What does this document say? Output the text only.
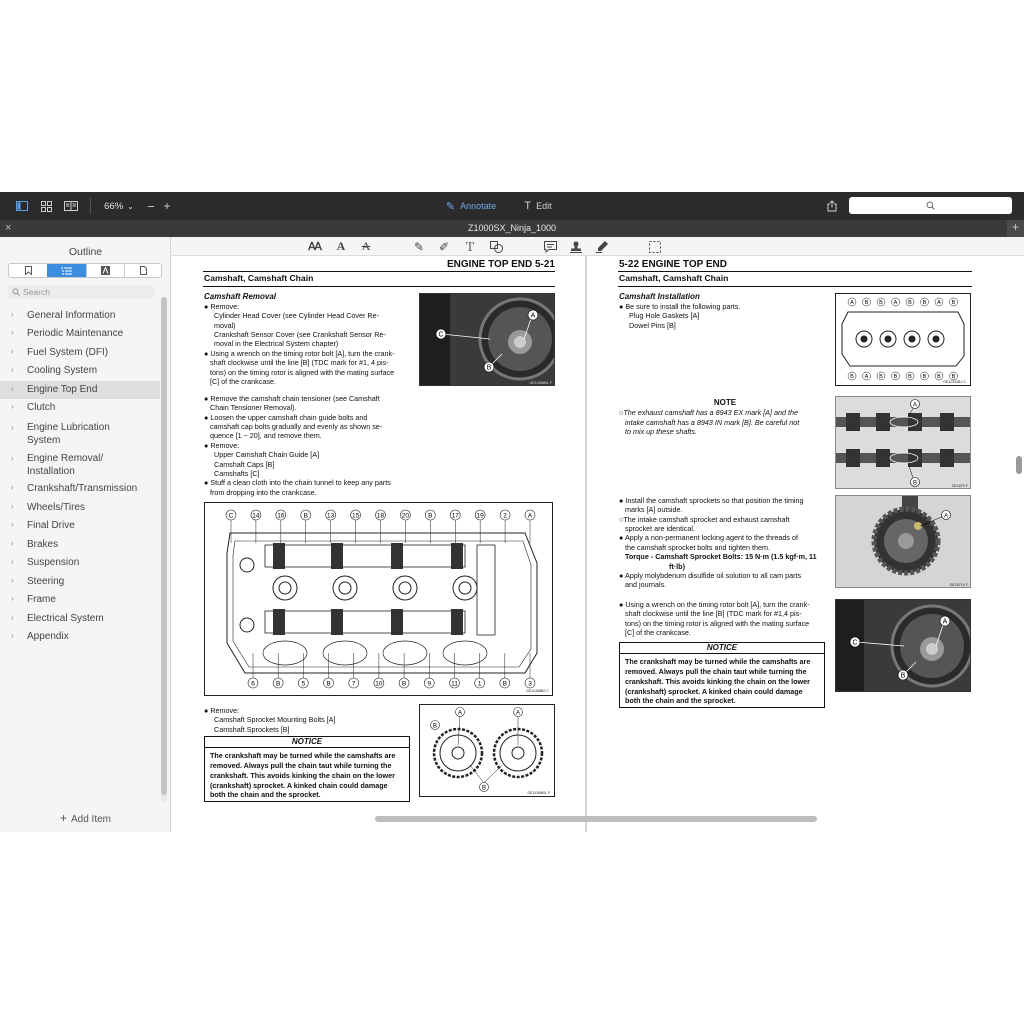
66% ⌄ − +	✎ Annotate	T Edit
×	Z1000SX_Ninja_1000	+
Outline
Search
› General Information
› Periodic Maintenance
› Fuel System (DFI)
› Cooling System
› Engine Top End
› Clutch
› Engine Lubrication
System
› Engine Removal/
Installation
› Crankshaft/Transmission
› Wheels/Tires
› Final Drive
› Brakes
› Suspension
› Steering
› Frame
› Electrical System
› Appendix
+ Add Item
Ꜳ	A	A	✎ ✐ Ｔ
ENGINE TOP END 5-21
Camshaft, Camshaft Chain
Camshaft Removal
● Remove:
Cylinder Head Cover (see Cylinder Head Cover Re-
moval)
Crankshaft Sensor Cover (see Crankshaft Sensor Re-
moval in the Electrical System chapter)
● Using a wrench on the timing rotor bolt [A], turn the crank-
shaft clockwise until the line [B] (TDC mark for #1, 4 pis-
tons) on the timing rotor is aligned with the mating surface
[C] of the crankcase.
A
B
C
GE11368B1 F
● Remove the camshaft chain tensioner (see Camshaft
Chain Tensioner Removal).
● Loosen the upper camshaft chain guide bolts and
camshaft cap bolts gradually and evenly as shown se-
quence [1 ~ 20], and remove them.
● Remove:
Upper Camshaft Chain Guide [A]
Camshaft Caps [B]
Camshafts [C]
● Stuff a clean cloth into the chain tunnel to keep any parts
from dropping into the crankcase.
C	14	16	B	13	15	18	20	B	17	19	2	A
6	B	5	B	7	10	B	9	11	1	B	3
GE11368B2 C
● Remove:
Camshaft Sprocket Mounting Bolts [A]
Camshaft Sprockets [B]
NOTICE
The crankshaft may be turned while the camshafts are removed. Always pull the chain taut while turning the crankshaft. This avoids kinking the chain on the lower (crankshaft) sprocket. A kinked chain could damage both the chain and the sprocket.
A	A
B
B
GE11368B1 F
5-22 ENGINE TOP END
Camshaft, Camshaft Chain
Camshaft Installation
● Be sure to install the following parts.
Plug Hole Gaskets [A]
Dowel Pins [B]
A B B A B B A B
B A B B B B B B
GE11334B1 C
NOTE
○The exhaust camshaft has a 8943 EX mark [A] and the
intake camshaft has a 8943 IN mark [B]. Be careful not
to mix up these shafts.
A
B	GE1870 F
● Install the camshaft sprockets so that position the timing
marks [A] outside.
○The intake camshaft sprocket and exhaust camshaft
sprocket are identical.
● Apply a non-permanent locking agent to the threads of
the camshaft sprocket bolts and tighten them.
Torque - Camshaft Sprocket Bolts: 15 N·m (1.5 kgf·m, 11
ft·lb)
● Apply molybdenum disulfide oil solution to all cam parts
and journals.
A
GE18710 F
● Using a wrench on the timing rotor bolt [A], turn the crank-
shaft clockwise until the line [B] (TDC mark for #1,4 pis-
tons) on the timing rotor is aligned with the mating surface
[C] of the crankcase.
A
B
C
NOTICE
The crankshaft may be turned while the camshafts are removed. Always pull the chain taut while turning the crankshaft. This avoids kinking the chain on the lower (crankshaft) sprocket. A kinked chain could damage both the chain and the sprocket.
